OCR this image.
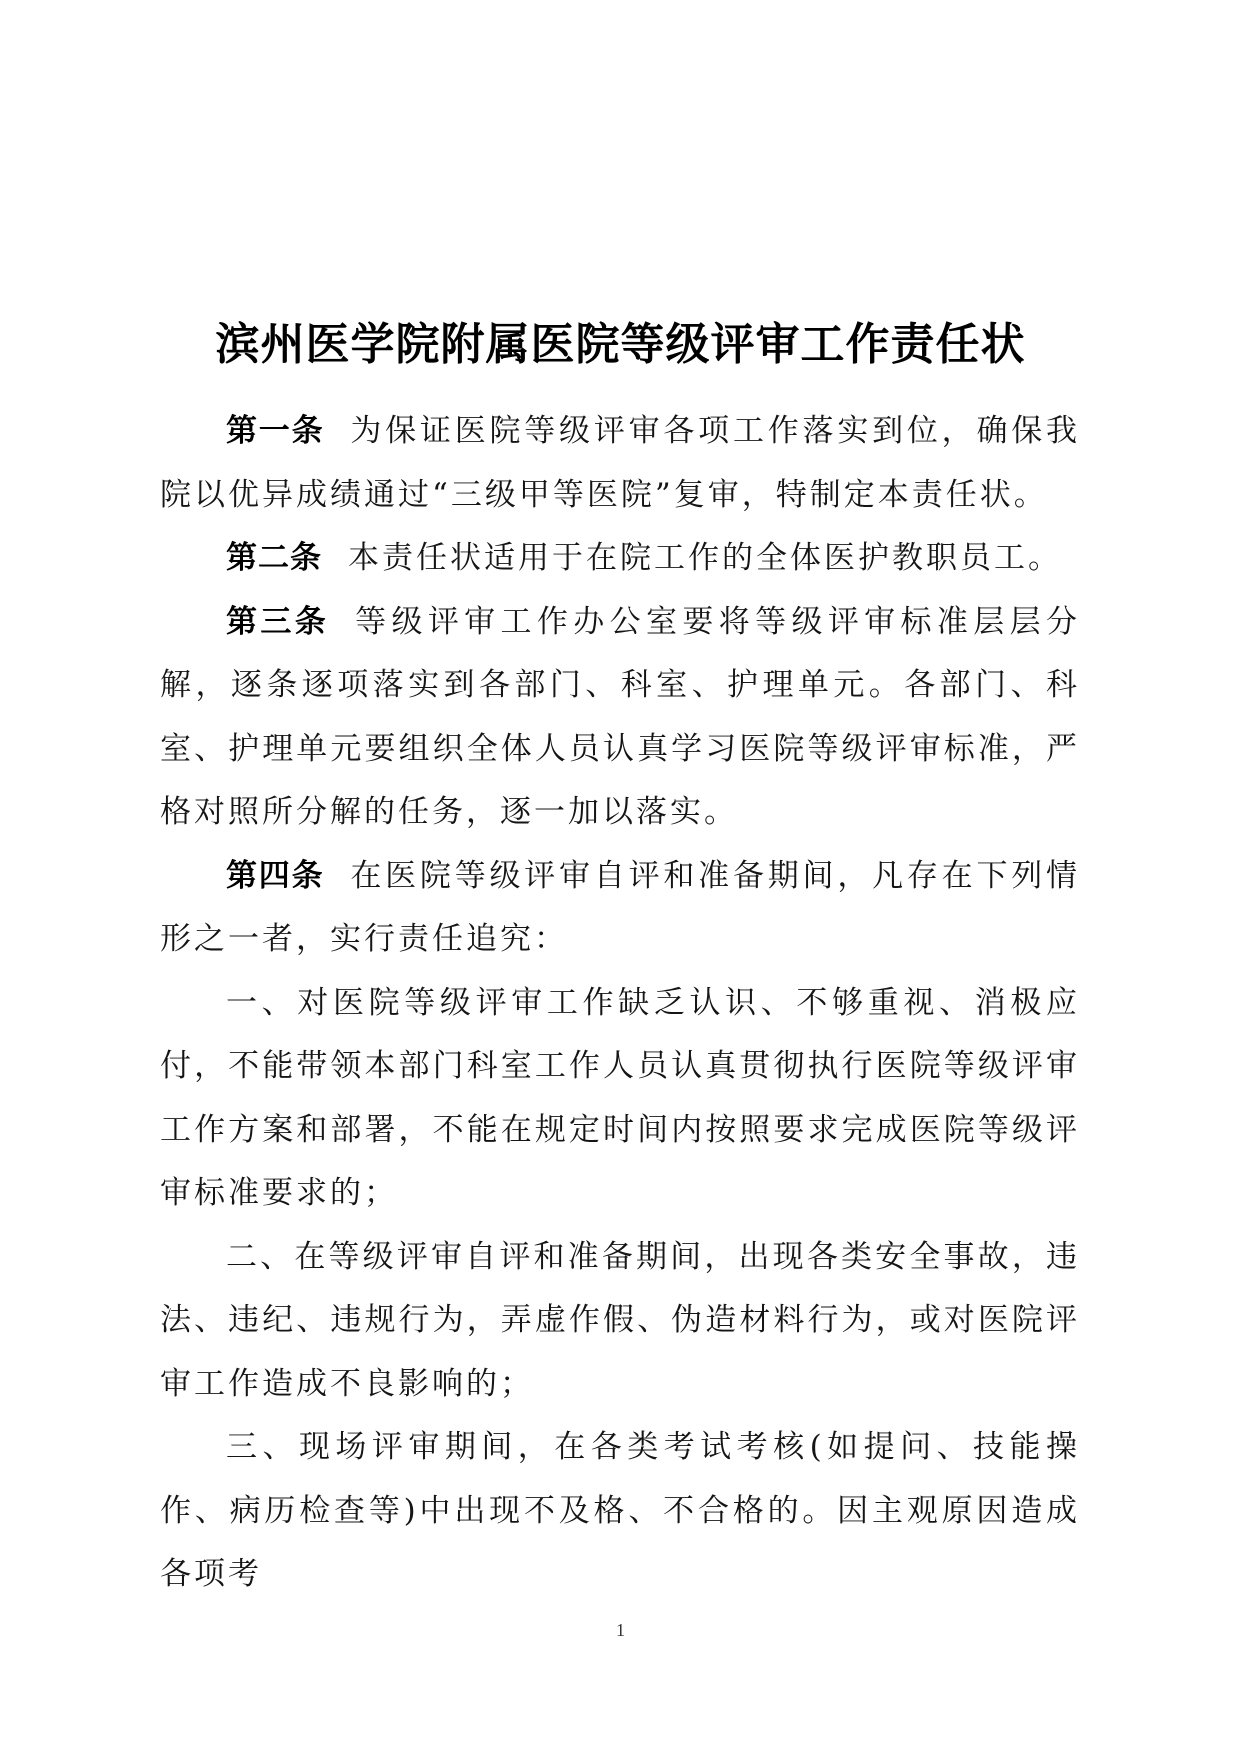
滨州医学院附属医院等级评审工作责任状

第一条 为保证医院等级评审各项工作落实到位，确保我院以优异成绩通过“三级甲等医院”复审，特制定本责任状。

第二条 本责任状适用于在院工作的全体医护教职员工。

第三条 等级评审工作办公室要将等级评审标准层层分解，逐条逐项落实到各部门、科室、护理单元。各部门、科室、护理单元要组织全体人员认真学习医院等级评审标准，严格对照所分解的任务，逐一加以落实。

第四条 在医院等级评审自评和准备期间，凡存在下列情形之一者，实行责任追究：

一、对医院等级评审工作缺乏认识、不够重视、消极应付，不能带领本部门科室工作人员认真贯彻执行医院等级评审工作方案和部署，不能在规定时间内按照要求完成医院等级评审标准要求的；

二、在等级评审自评和准备期间，出现各类安全事故，违法、违纪、违规行为，弄虚作假、伪造材料行为，或对医院评审工作造成不良影响的；

三、现场评审期间，在各类考试考核(如提问、技能操作、病历检查等)中出现不及格、不合格的。因主观原因造成各项考

1
